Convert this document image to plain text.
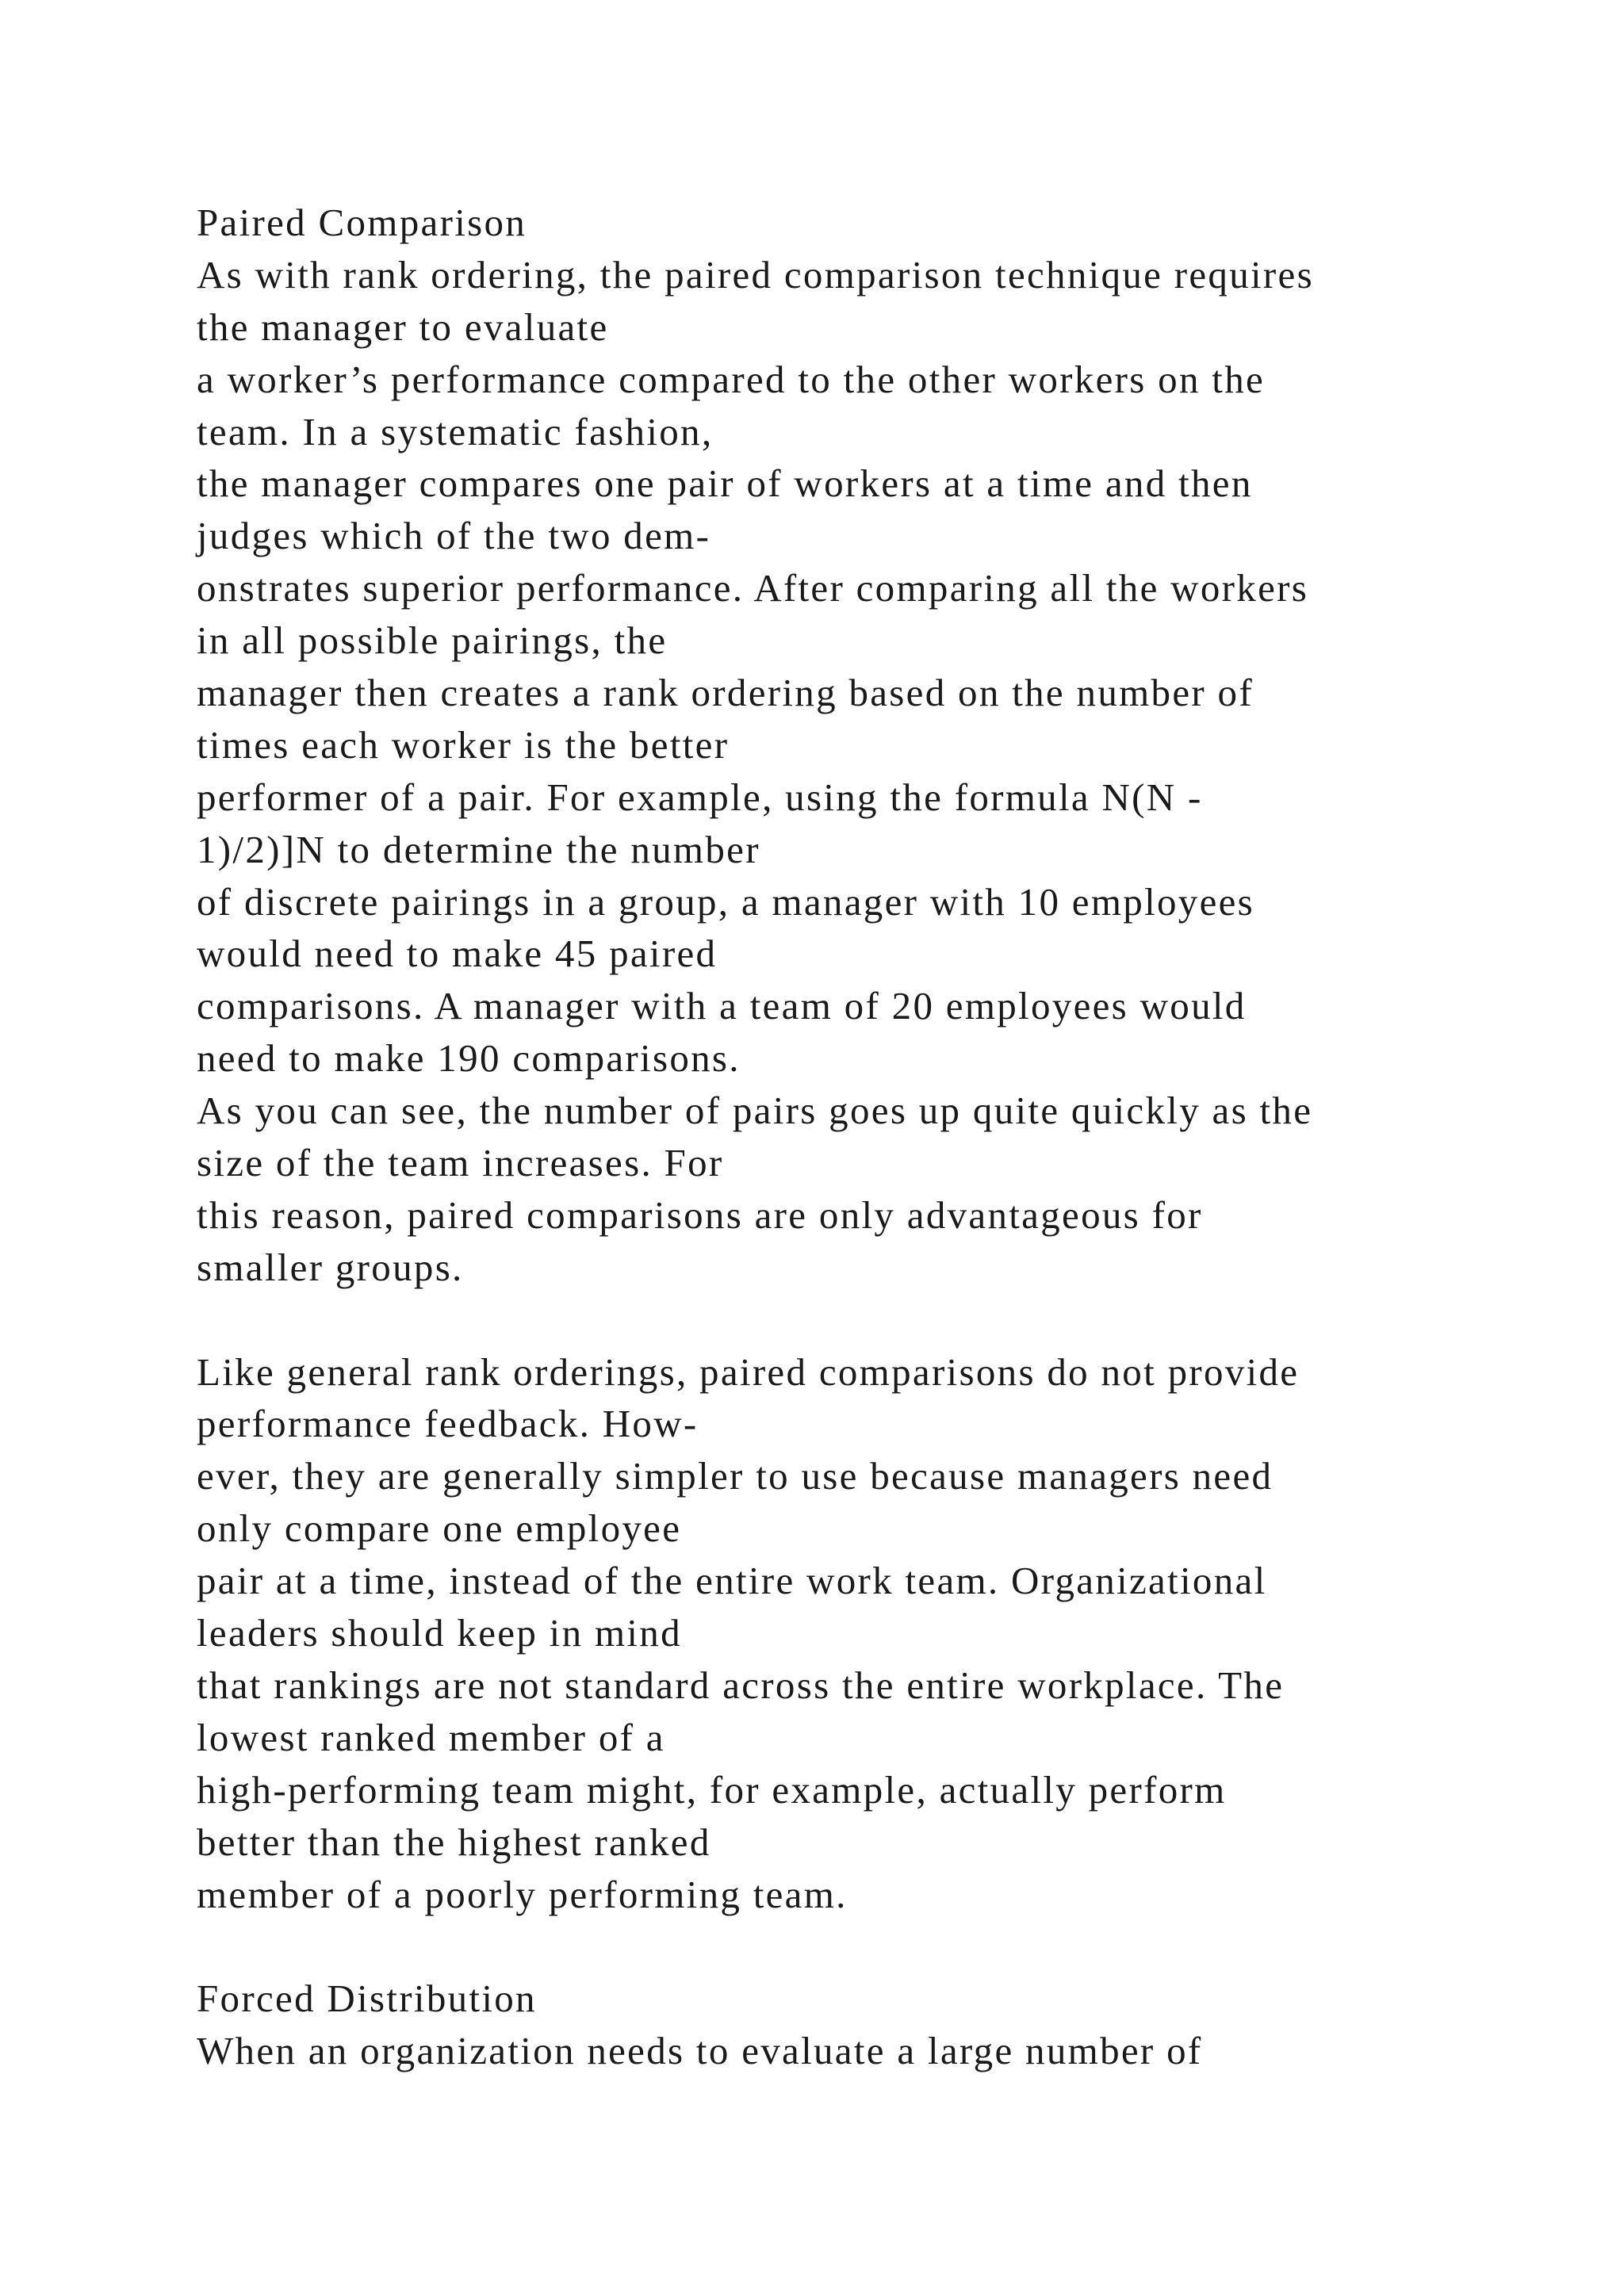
Paired Comparison
As with rank ordering, the paired comparison technique requires
the manager to evaluate
a worker’s performance compared to the other workers on the
team. In a systematic fashion,
the manager compares one pair of workers at a time and then
judges which of the two dem-
onstrates superior performance. After comparing all the workers
in all possible pairings, the
manager then creates a rank ordering based on the number of
times each worker is the better
performer of a pair. For example, using the formula N(N -
1)/2)]N to determine the number
of discrete pairings in a group, a manager with 10 employees
would need to make 45 paired
comparisons. A manager with a team of 20 employees would
need to make 190 comparisons.
As you can see, the number of pairs goes up quite quickly as the
size of the team increases. For
this reason, paired comparisons are only advantageous for
smaller groups.
Like general rank orderings, paired comparisons do not provide
performance feedback. How-
ever, they are generally simpler to use because managers need
only compare one employee
pair at a time, instead of the entire work team. Organizational
leaders should keep in mind
that rankings are not standard across the entire workplace. The
lowest ranked member of a
high-performing team might, for example, actually perform
better than the highest ranked
member of a poorly performing team.
Forced Distribution
When an organization needs to evaluate a large number of
